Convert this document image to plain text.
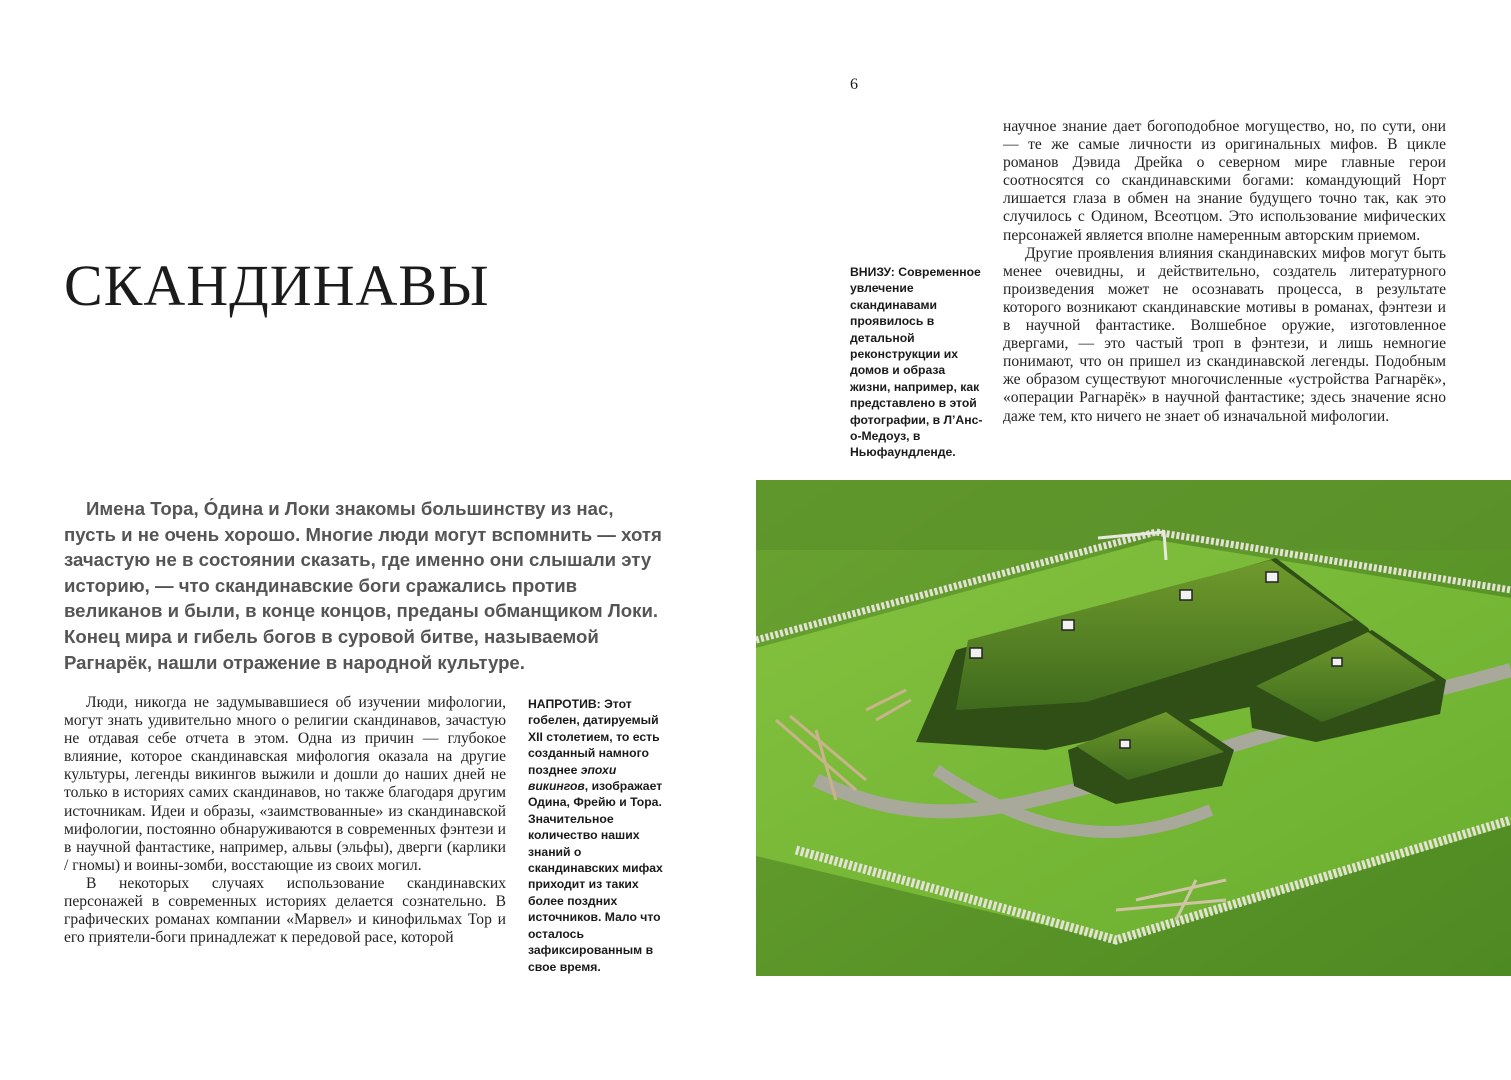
6
СКАНДИНАВЫ

Имена Тора, О́дина и Локи знакомы большинству из нас, пусть и не очень хорошо. Многие люди могут вспомнить — хотя зачастую не в состоянии сказать, где именно они слышали эту историю, — что скандинавские боги сражались против великанов и были, в конце концов, преданы обманщиком Локи. Конец мира и гибель богов в суровой битве, называемой Рагнарёк, нашли отражение в народной культуре.

Люди, никогда не задумывавшиеся об изучении мифологии, могут знать удивительно много о религии скандинавов, зачастую не отдавая себе отчета в этом. Одна из причин — глубокое влияние, которое скандинавская мифология оказала на другие культуры, легенды викингов выжили и дошли до наших дней не только в историях самих скандинавов, но также благодаря другим источникам. Идеи и образы, «заимствованные» из скандинавской мифологии, постоянно обнаруживаются в современных фэнтези и в научной фантастике, например, альвы (эльфы), дверги (карлики / гномы) и воины-зомби, восстающие из своих могил.

В некоторых случаях использование скандинавских персонажей в современных историях делается сознательно. В графических романах компании «Марвел» и кинофильмах Тор и его приятели-боги принадлежат к передовой расе, которой

НАПРОТИВ: Этот гобелен, датируемый XII столетием, то есть созданный намного позднее эпохи викингов, изображает Одина, Фрейю и Тора. Значительное количество наших знаний о скандинавских мифах приходит из таких более поздних источников. Мало что осталось зафиксированным в свое время.

ВНИЗУ: Современное увлечение скандинавами проявилось в детальной реконструкции их домов и образа жизни, например, как представлено в этой фотографии, в Л’Анс-о-Медоуз, в Ньюфаундленде.

научное знание дает богоподобное могущество, но, по сути, они — те же самые личности из оригинальных мифов. В цикле романов Дэвида Дрейка о северном мире главные герои соотносятся со скандинавскими богами: командующий Норт лишается глаза в обмен на знание будущего точно так, как это случилось с Одином, Всеотцом. Это использование мифических персонажей является вполне намеренным авторским приемом.

Другие проявления влияния скандинавских мифов могут быть менее очевидны, и действительно, создатель литературного произведения может не осознавать процесса, в результате которого возникают скандинавские мотивы в романах, фэнтези и в научной фантастике. Волшебное оружие, изготовленное двергами, — это частый троп в фэнтези, и лишь немногие понимают, что он пришел из скандинавской легенды. Подобным же образом существуют многочисленные «устройства Рагнарёк», «операции Рагнарёк» в научной фантастике; здесь значение ясно даже тем, кто ничего не знает об изначальной мифологии.
